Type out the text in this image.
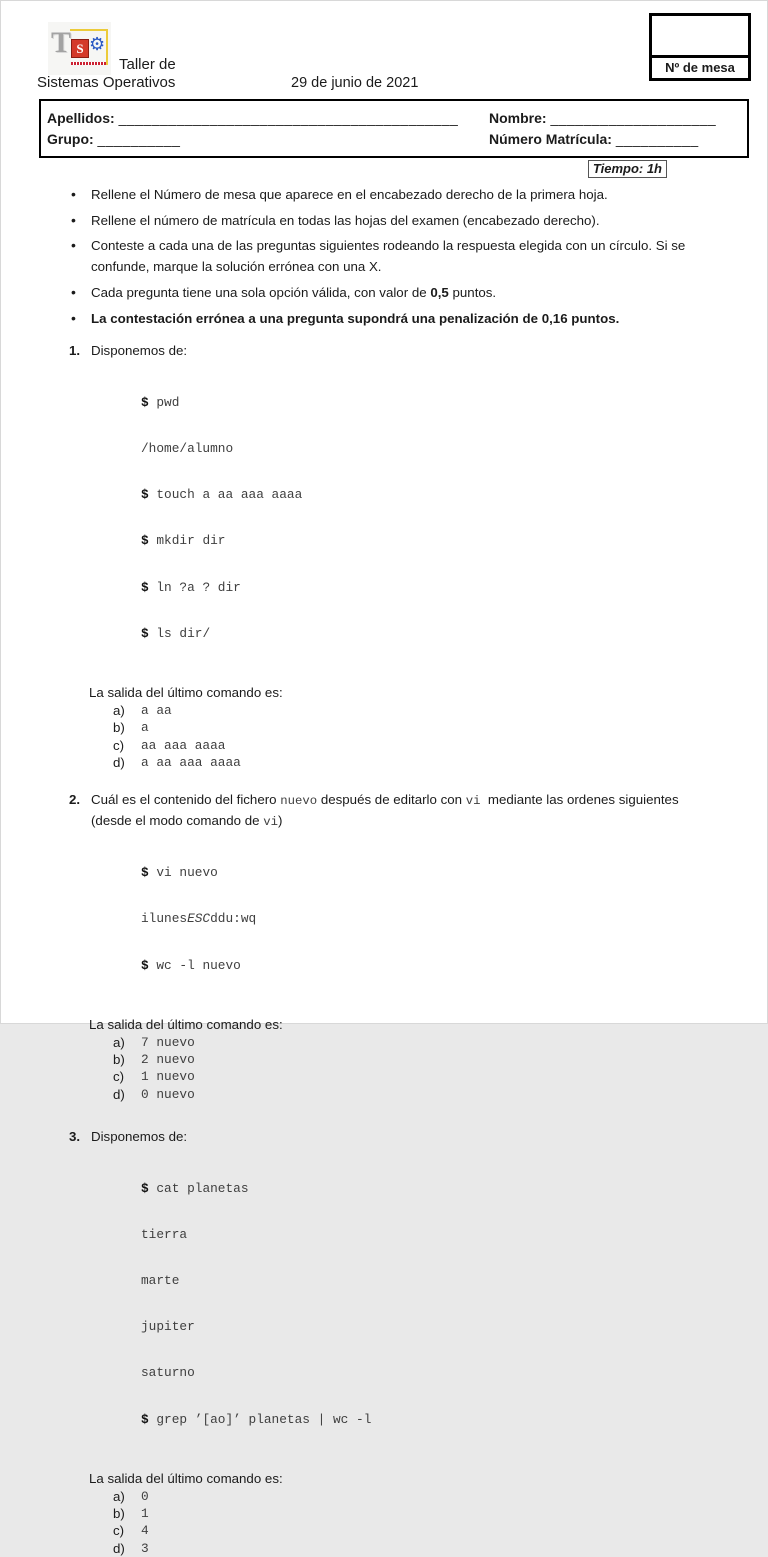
T S ⚙
Taller de
Sistemas Operativos	29 de junio de 2021
Nº de mesa
Apellidos: _________________________________________	Nombre: ____________________
Grupo: __________	Número Matrícula: __________
Tiempo: 1h
• Rellene el Número de mesa que aparece en el encabezado derecho de la primera hoja.
• Rellene el número de matrícula en todas las hojas del examen (encabezado derecho).
• Conteste a cada una de las preguntas siguientes rodeando la respuesta elegida con un círculo. Si se confunde, marque la solución errónea con una X.
• Cada pregunta tiene una sola opción válida, con valor de 0,5 puntos.
• La contestación errónea a una pregunta supondrá una penalización de 0,16 puntos.
1. Disponemos de:

$ pwd

/home/alumno

$ touch a aa aaa aaaa

$ mkdir dir

$ ln ?a ? dir

$ ls dir/

La salida del último comando es:
a)	a aa
b)	a
c)	aa aaa aaaa
d)	a aa aaa aaaa
2. Cuál es el contenido del fichero nuevo después de editarlo con vi  mediante las ordenes siguientes (desde el modo comando de vi)

$ vi nuevo

ilunesESCddu:wq

$ wc -l nuevo

La salida del último comando es:
a)	7 nuevo
b)	2 nuevo
c)	1 nuevo
d)	0 nuevo
3. Disponemos de:

$ cat planetas

tierra

marte

jupiter

saturno

$ grep ’[ao]’ planetas | wc -l

La salida del último comando es:
a)	0
b)	1
c)	4
d)	3
